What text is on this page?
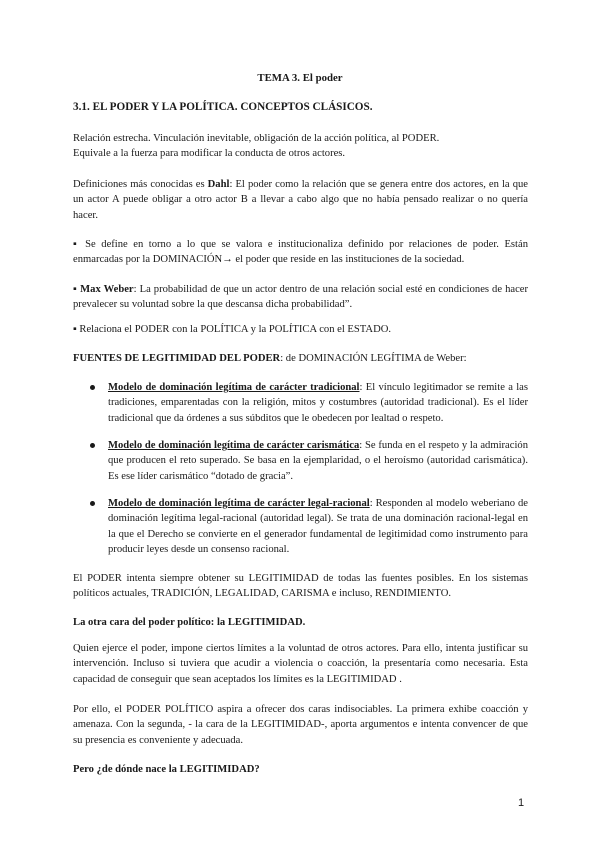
TEMA 3. El poder
3.1. EL PODER Y LA POLÍTICA. CONCEPTOS CLÁSICOS.
Relación estrecha. Vinculación inevitable, obligación de la acción política, al PODER.
Equivale a la fuerza para modificar la conducta de otros actores.
Definiciones más conocidas es Dahl: El poder como la relación que se genera entre dos actores, en la que un actor A puede obligar a otro actor B a llevar a cabo algo que no había pensado realizar o no quería hacer.
▪ Se define en torno a lo que se valora e institucionaliza definido por relaciones de poder. Están enmarcadas por la DOMINACIÓN→ el poder que reside en las instituciones de la sociedad.
▪ Max Weber: La probabilidad de que un actor dentro de una relación social esté en condiciones de hacer prevalecer su voluntad sobre la que descansa dicha probabilidad”.
▪ Relaciona el PODER con la POLÍTICA y la POLÍTICA con el ESTADO.
FUENTES DE LEGITIMIDAD DEL PODER: de DOMINACIÓN LEGÍTIMA de Weber:
Modelo de dominación legítima de carácter tradicional: El vínculo legitimador se remite a las tradiciones, emparentadas con la religión, mitos y costumbres (autoridad tradicional). Es el líder tradicional que da órdenes a sus súbditos que le obedecen por lealtad o respeto.
Modelo de dominación legítima de carácter carismática: Se funda en el respeto y la admiración que producen el reto superado. Se basa en la ejemplaridad, o el heroísmo (autoridad carismática). Es ese líder carismático “dotado de gracia”.
Modelo de dominación legítima de carácter legal-racional: Responden al modelo weberiano de dominación legítima legal-racional (autoridad legal). Se trata de una dominación racional-legal en la que el Derecho se convierte en el generador fundamental de legitimidad como instrumento para producir leyes desde un consenso racional.
El PODER intenta siempre obtener su LEGITIMIDAD de todas las fuentes posibles. En los sistemas políticos actuales, TRADICIÓN, LEGALIDAD, CARISMA e incluso, RENDIMIENTO.
La otra cara del poder político: la LEGITIMIDAD.
Quien ejerce el poder, impone ciertos límites a la voluntad de otros actores. Para ello, intenta justificar su intervención. Incluso si tuviera que acudir a violencia o coacción, la presentaría como necesaria. Esta capacidad de conseguir que sean aceptados los límites es la LEGITIMIDAD .
Por ello, el PODER POLÍTICO aspira a ofrecer dos caras indisociables. La primera exhibe coacción y amenaza. Con la segunda, - la cara de la LEGITIMIDAD-, aporta argumentos e intenta convencer de que su presencia es conveniente y adecuada.
Pero ¿de dónde nace la LEGITIMIDAD?
1
